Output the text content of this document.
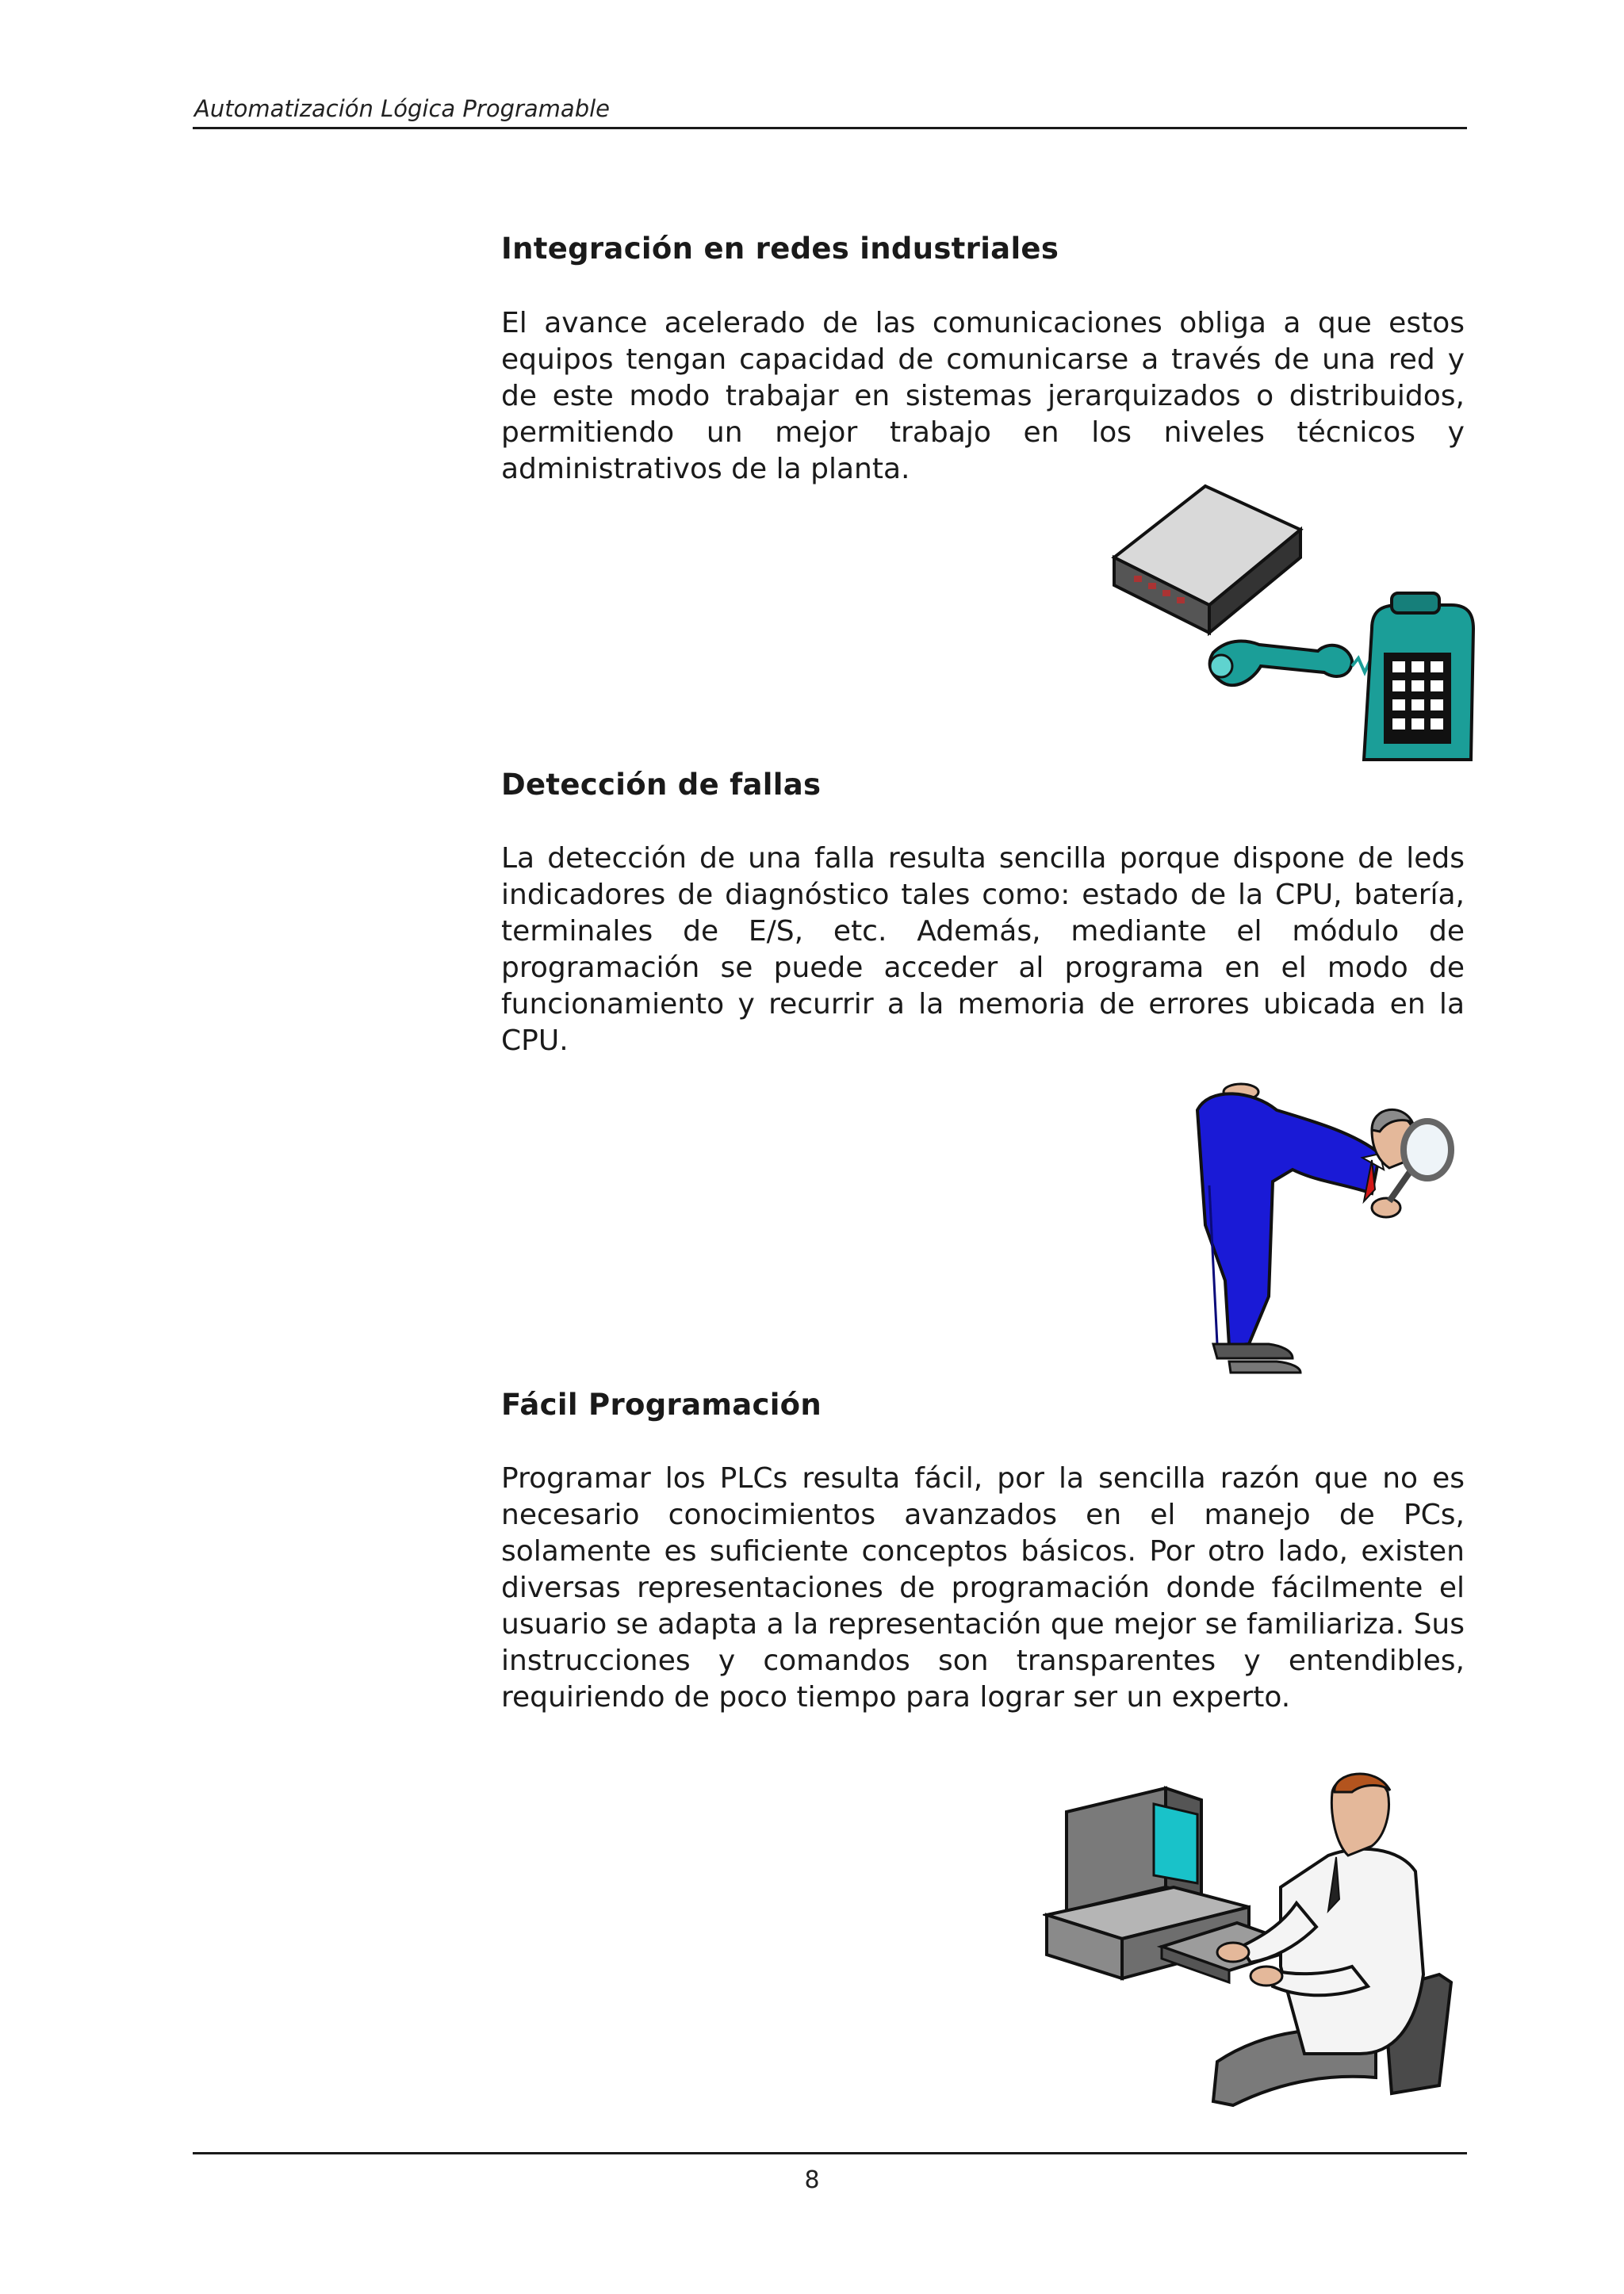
Automatización Lógica Programable
Integración en redes industriales

El avance acelerado de las comunicaciones obliga a que estos equipos tengan capacidad de comunicarse a través de una red y de este modo trabajar en sistemas jerarquizados o distribuidos, permitiendo un mejor trabajo en los niveles técnicos y administrativos de la planta.

Detección de fallas

La detección de una falla resulta sencilla porque dispone de leds indicadores de diagnóstico tales como: estado de la CPU, batería, terminales de E/S, etc. Además, mediante el módulo de programación se puede acceder al programa en el modo de funcionamiento y recurrir a la memoria de errores ubicada en la CPU.

Fácil Programación

Programar los PLCs resulta fácil, por la sencilla razón que no es necesario conocimientos avanzados en el manejo de PCs, solamente es suficiente conceptos básicos. Por otro lado, existen diversas representaciones de programación donde fácilmente el usuario se adapta a la representación que mejor se familiariza. Sus instrucciones y comandos son transparentes y entendibles, requiriendo de poco tiempo para lograr ser un experto.

8
